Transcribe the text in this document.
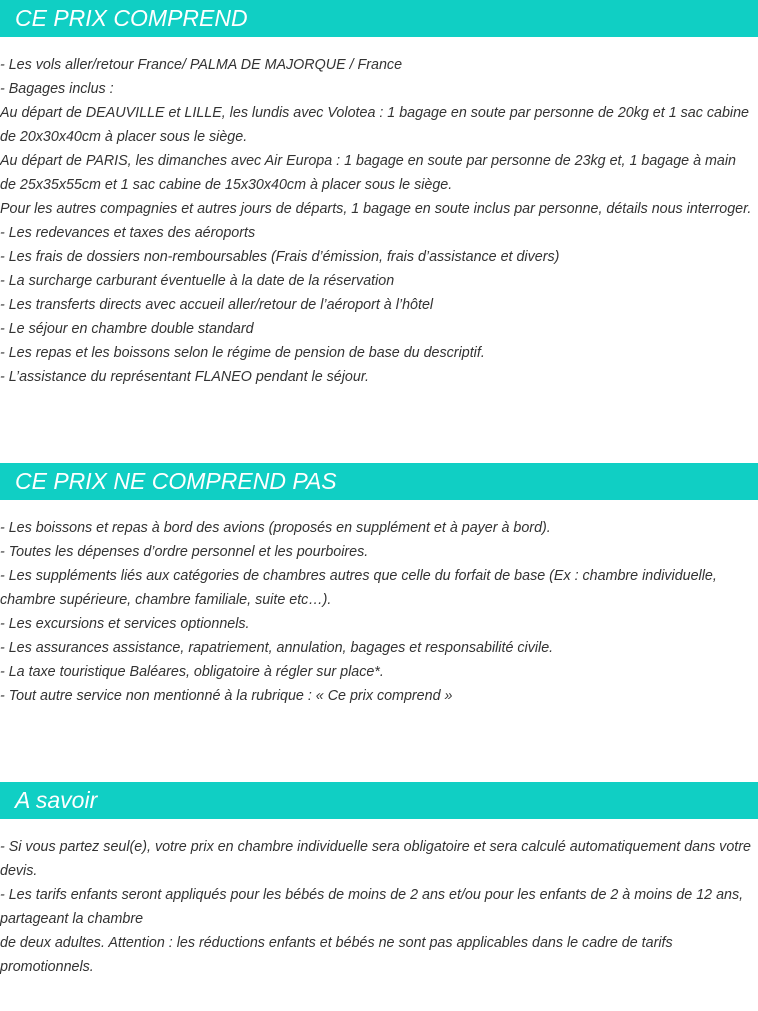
CE PRIX COMPREND

- Les vols aller/retour France/ PALMA DE MAJORQUE / France

- Bagages inclus :

Au départ de DEAUVILLE et LILLE, les lundis avec Volotea : 1 bagage en soute par personne de 20kg et 1 sac cabine de 20x30x40cm à placer sous le siège.

Au départ de PARIS, les dimanches avec Air Europa : 1 bagage en soute par personne de 23kg et, 1 bagage à main de 25x35x55cm et 1 sac cabine de 15x30x40cm à placer sous le siège.

Pour les autres compagnies et autres jours de départs, 1 bagage en soute inclus par personne, détails nous interroger.

- Les redevances et taxes des aéroports

- Les frais de dossiers non-remboursables (Frais d’émission, frais d’assistance et divers)

- La surcharge carburant éventuelle à la date de la réservation

- Les transferts directs avec accueil aller/retour de l’aéroport à l’hôtel

- Le séjour en chambre double standard

- Les repas et les boissons selon le régime de pension de base du descriptif.

- L’assistance du représentant FLANEO pendant le séjour.

CE PRIX NE COMPREND PAS

- Les boissons et repas à bord des avions (proposés en supplément et à payer à bord).

- Toutes les dépenses d’ordre personnel et les pourboires.

- Les suppléments liés aux catégories de chambres autres que celle du forfait de base (Ex : chambre individuelle, chambre supérieure, chambre familiale, suite etc…).

- Les excursions et services optionnels.

- Les assurances assistance, rapatriement, annulation, bagages et responsabilité civile.

- La taxe touristique Baléares, obligatoire à régler sur place*.

- Tout autre service non mentionné à la rubrique : « Ce prix comprend »

A savoir

- Si vous partez seul(e), votre prix en chambre individuelle sera obligatoire et sera calculé automatiquement dans votre devis.

- Les tarifs enfants seront appliqués pour les bébés de moins de 2 ans et/ou pour les enfants de 2 à moins de 12 ans, partageant la chambre

de deux adultes. Attention : les réductions enfants et bébés ne sont pas applicables dans le cadre de tarifs promotionnels.
